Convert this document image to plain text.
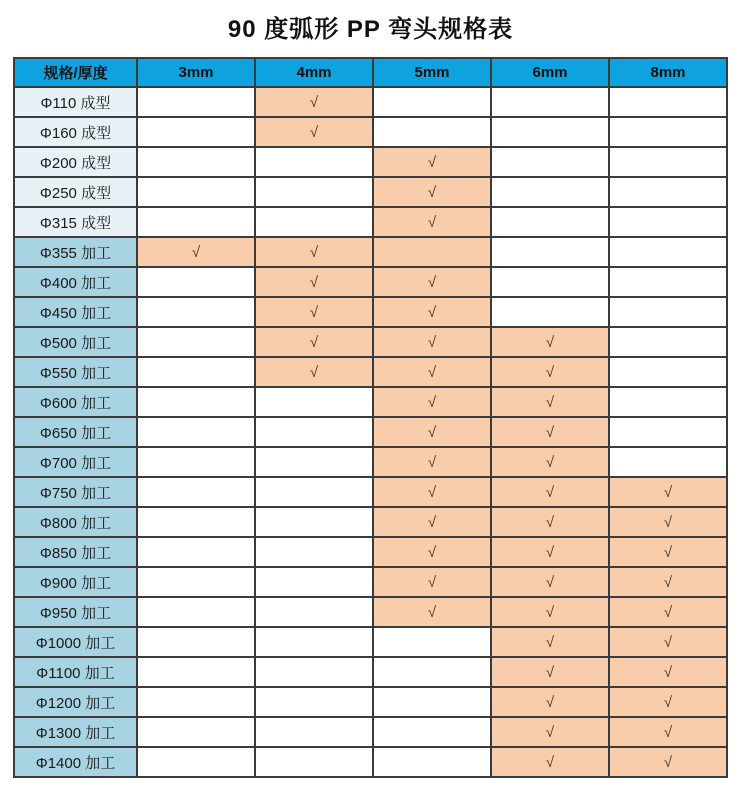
90 度弧形 PP 弯头规格表
规格/厚度	3mm	4mm	5mm	6mm	8mm
Φ110 成型		√			
Φ160 成型		√			
Φ200 成型			√		
Φ250 成型			√		
Φ315 成型			√		
Φ355 加工	√	√			
Φ400 加工		√	√		
Φ450 加工		√	√		
Φ500 加工		√	√	√	
Φ550 加工		√	√	√	
Φ600 加工			√	√	
Φ650 加工			√	√	
Φ700 加工			√	√	
Φ750 加工			√	√	√
Φ800 加工			√	√	√
Φ850 加工			√	√	√
Φ900 加工			√	√	√
Φ950 加工			√	√	√
Φ1000 加工				√	√
Φ1100 加工				√	√
Φ1200 加工				√	√
Φ1300 加工				√	√
Φ1400 加工				√	√
